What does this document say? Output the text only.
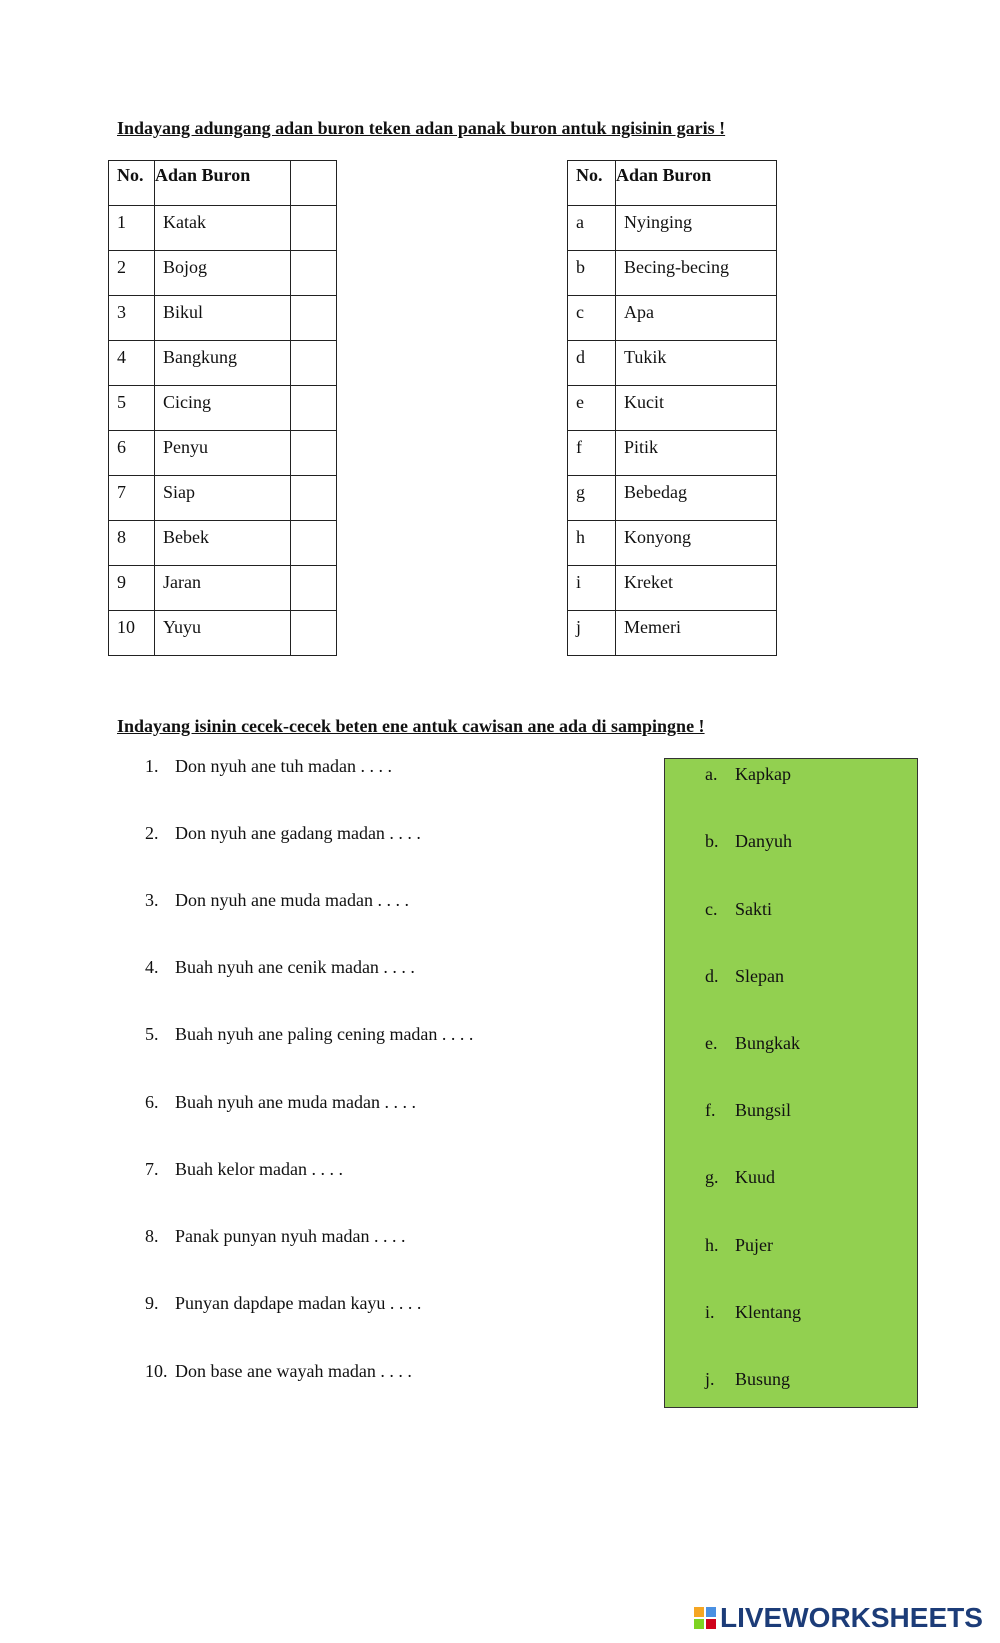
Indayang adungang adan buron teken adan panak buron antuk ngisinin garis !
No.	Adan Buron	
1	Katak	
2	Bojog	
3	Bikul	
4	Bangkung	
5	Cicing	
6	Penyu	
7	Siap	
8	Bebek	
9	Jaran	
10	Yuyu	
No.	Adan Buron
a	Nyinging
b	Becing-becing
c	Apa
d	Tukik
e	Kucit
f	Pitik
g	Bebedag
h	Konyong
i	Kreket
j	Memeri
Indayang isinin cecek-cecek beten ene antuk cawisan ane ada di sampingne !
1. Don nyuh ane tuh madan . . . .
2. Don nyuh ane gadang madan . . . .
3. Don nyuh ane muda madan . . . .
4. Buah nyuh ane cenik madan . . . .
5. Buah nyuh ane paling cening madan . . . .
6. Buah nyuh ane muda madan . . . .
7. Buah kelor madan . . . .
8. Panak punyan nyuh madan . . . .
9. Punyan dapdape madan kayu . . . .
10. Don base ane wayah madan . . . .
a. Kapkap
b. Danyuh
c. Sakti
d. Slepan
e. Bungkak
f. Bungsil
g. Kuud
h. Pujer
i. Klentang
j. Busung
LIVEWORKSHEETS
